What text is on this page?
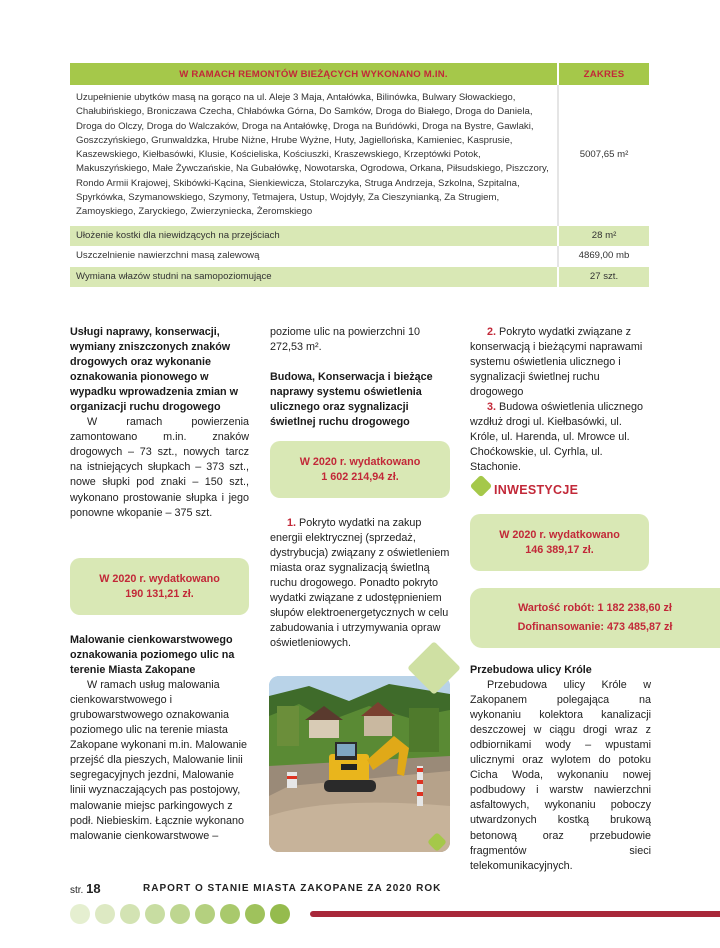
W RAMACH REMONTÓW BIEŻĄCYCH WYKONANO M.IN.	ZAKRES
Uzupełnienie ubytków masą na gorąco na ul. Aleje 3 Maja, Antałówka, Bilinówka, Bulwary Słowackiego, Chałubińskiego, Broniczawa Czecha, Chłabówka Górna, Do Samków, Droga do Białego, Droga do Daniela, Droga do Olczy, Droga do Walczaków, Droga na Antałówkę, Droga na Buńdówki, Droga na Bystre, Gawlaki, Goszczyńskiego, Grunwaldzka, Hrube Niżne, Hrube Wyżne, Huty, Jagiellońska, Kamieniec, Kasprusie, Kaszewskiego, Kiełbasówki, Klusie, Kościeliska, Kościuszki, Kraszewskiego, Krzeptówki Potok, Makuszyńskiego, Małe Żywczańskie, Na Gubałówkę, Nowotarska, Ogrodowa, Orkana, Piłsudskiego, Piszczory, Rondo Armii Krajowej, Skibówki-Kącina, Sienkiewicza, Stolarczyka, Struga Andrzeja, Szkolna, Szpitalna, Spyrkówka, Szymanowskiego, Szymony, Tetmajera, Ustup, Wojdyły, Za Cieszynianką, Za Strugiem, Zamoyskiego, Zaryckiego, Zwierzyniecka, Żeromskiego	5007,65 m²
Ułożenie kostki dla niewidzących na przejściach	28 m²
Uszczelnienie nawierzchni masą zalewową	4869,00 mb
Wymiana włazów studni na samopoziomujące	27 szt.

Usługi naprawy, konserwacji, wymiany zniszczonych znaków drogowych oraz wykonanie oznakowania pionowego w wypadku wprowadzenia zmian w organizacji ruchu drogowego

W ramach powierzenia zamontowano m.in. znaków drogowych – 73 szt., nowych tarcz na istniejących słupkach – 373 szt., nowe słupki pod znaki – 150 szt., wykonano prostowanie słupka i jego ponowne wkopanie – 375 szt.

W 2020 r. wydatkowano
190 131,21 zł.

Malowanie cienkowarstwowego oznakowania poziomego ulic na terenie Miasta Zakopane

W ramach usług malowania cienkowarstwowego i grubowarstwowego oznakowania poziomego ulic na terenie miasta Zakopane wykonani m.in. Malowanie przejść dla pieszych, Malowanie linii segregacyjnych jezdni, Malowanie linii wyznaczających pas postojowy, malowanie miejsc parkingowych z podł. Niebieskim. Łącznie wykonano malowanie cienkowarstwowe –

poziome ulic na powierzchni 10 272,53 m².

Budowa, Konserwacja i bieżące naprawy systemu oświetlenia ulicznego oraz sygnalizacji świetlnej ruchu drogowego

W 2020 r. wydatkowano
1 602 214,94 zł.

1. Pokryto wydatki na zakup energii elektrycznej (sprzedaż, dystrybucja) związany z oświetleniem miasta oraz sygnalizacją świetlną ruchu drogowego. Ponadto pokryto wydatki związane z udostępnieniem słupów elektroenergetycznych w celu zabudowania i utrzymywania opraw oświetleniowych.

2. Pokryto wydatki związane z konserwacją i bieżącymi naprawami systemu oświetlenia ulicznego i sygnalizacji świetlnej ruchu drogowego

3. Budowa oświetlenia ulicznego wzdłuż drogi ul. Kiełbasówki, ul. Króle, ul. Harenda, ul. Mrowce ul. Choćkowskie, ul. Cyrhla, ul. Stachonie.

INWESTYCJE
W 2020 r. wydatkowano
146 389,17 zł.
Wartość robót: 1 182 238,60 zł
Dofinansowanie: 473 485,87 zł

Przebudowa ulicy Króle

Przebudowa ulicy Króle w Zakopanem polegająca na wykonaniu kolektora kanalizacji deszczowej w ciągu drogi wraz z odbiornikami wody – wpustami ulicznymi oraz wylotem do potoku Cicha Woda, wykonaniu nowej podbudowy i warstw nawierzchni asfaltowych, wykonaniu poboczy utwardzonych kostką brukową betonową oraz przebudowie fragmentów sieci telekomunikacyjnych.

str. 18	RAPORT O STANIE MIASTA ZAKOPANE ZA 2020 ROK
